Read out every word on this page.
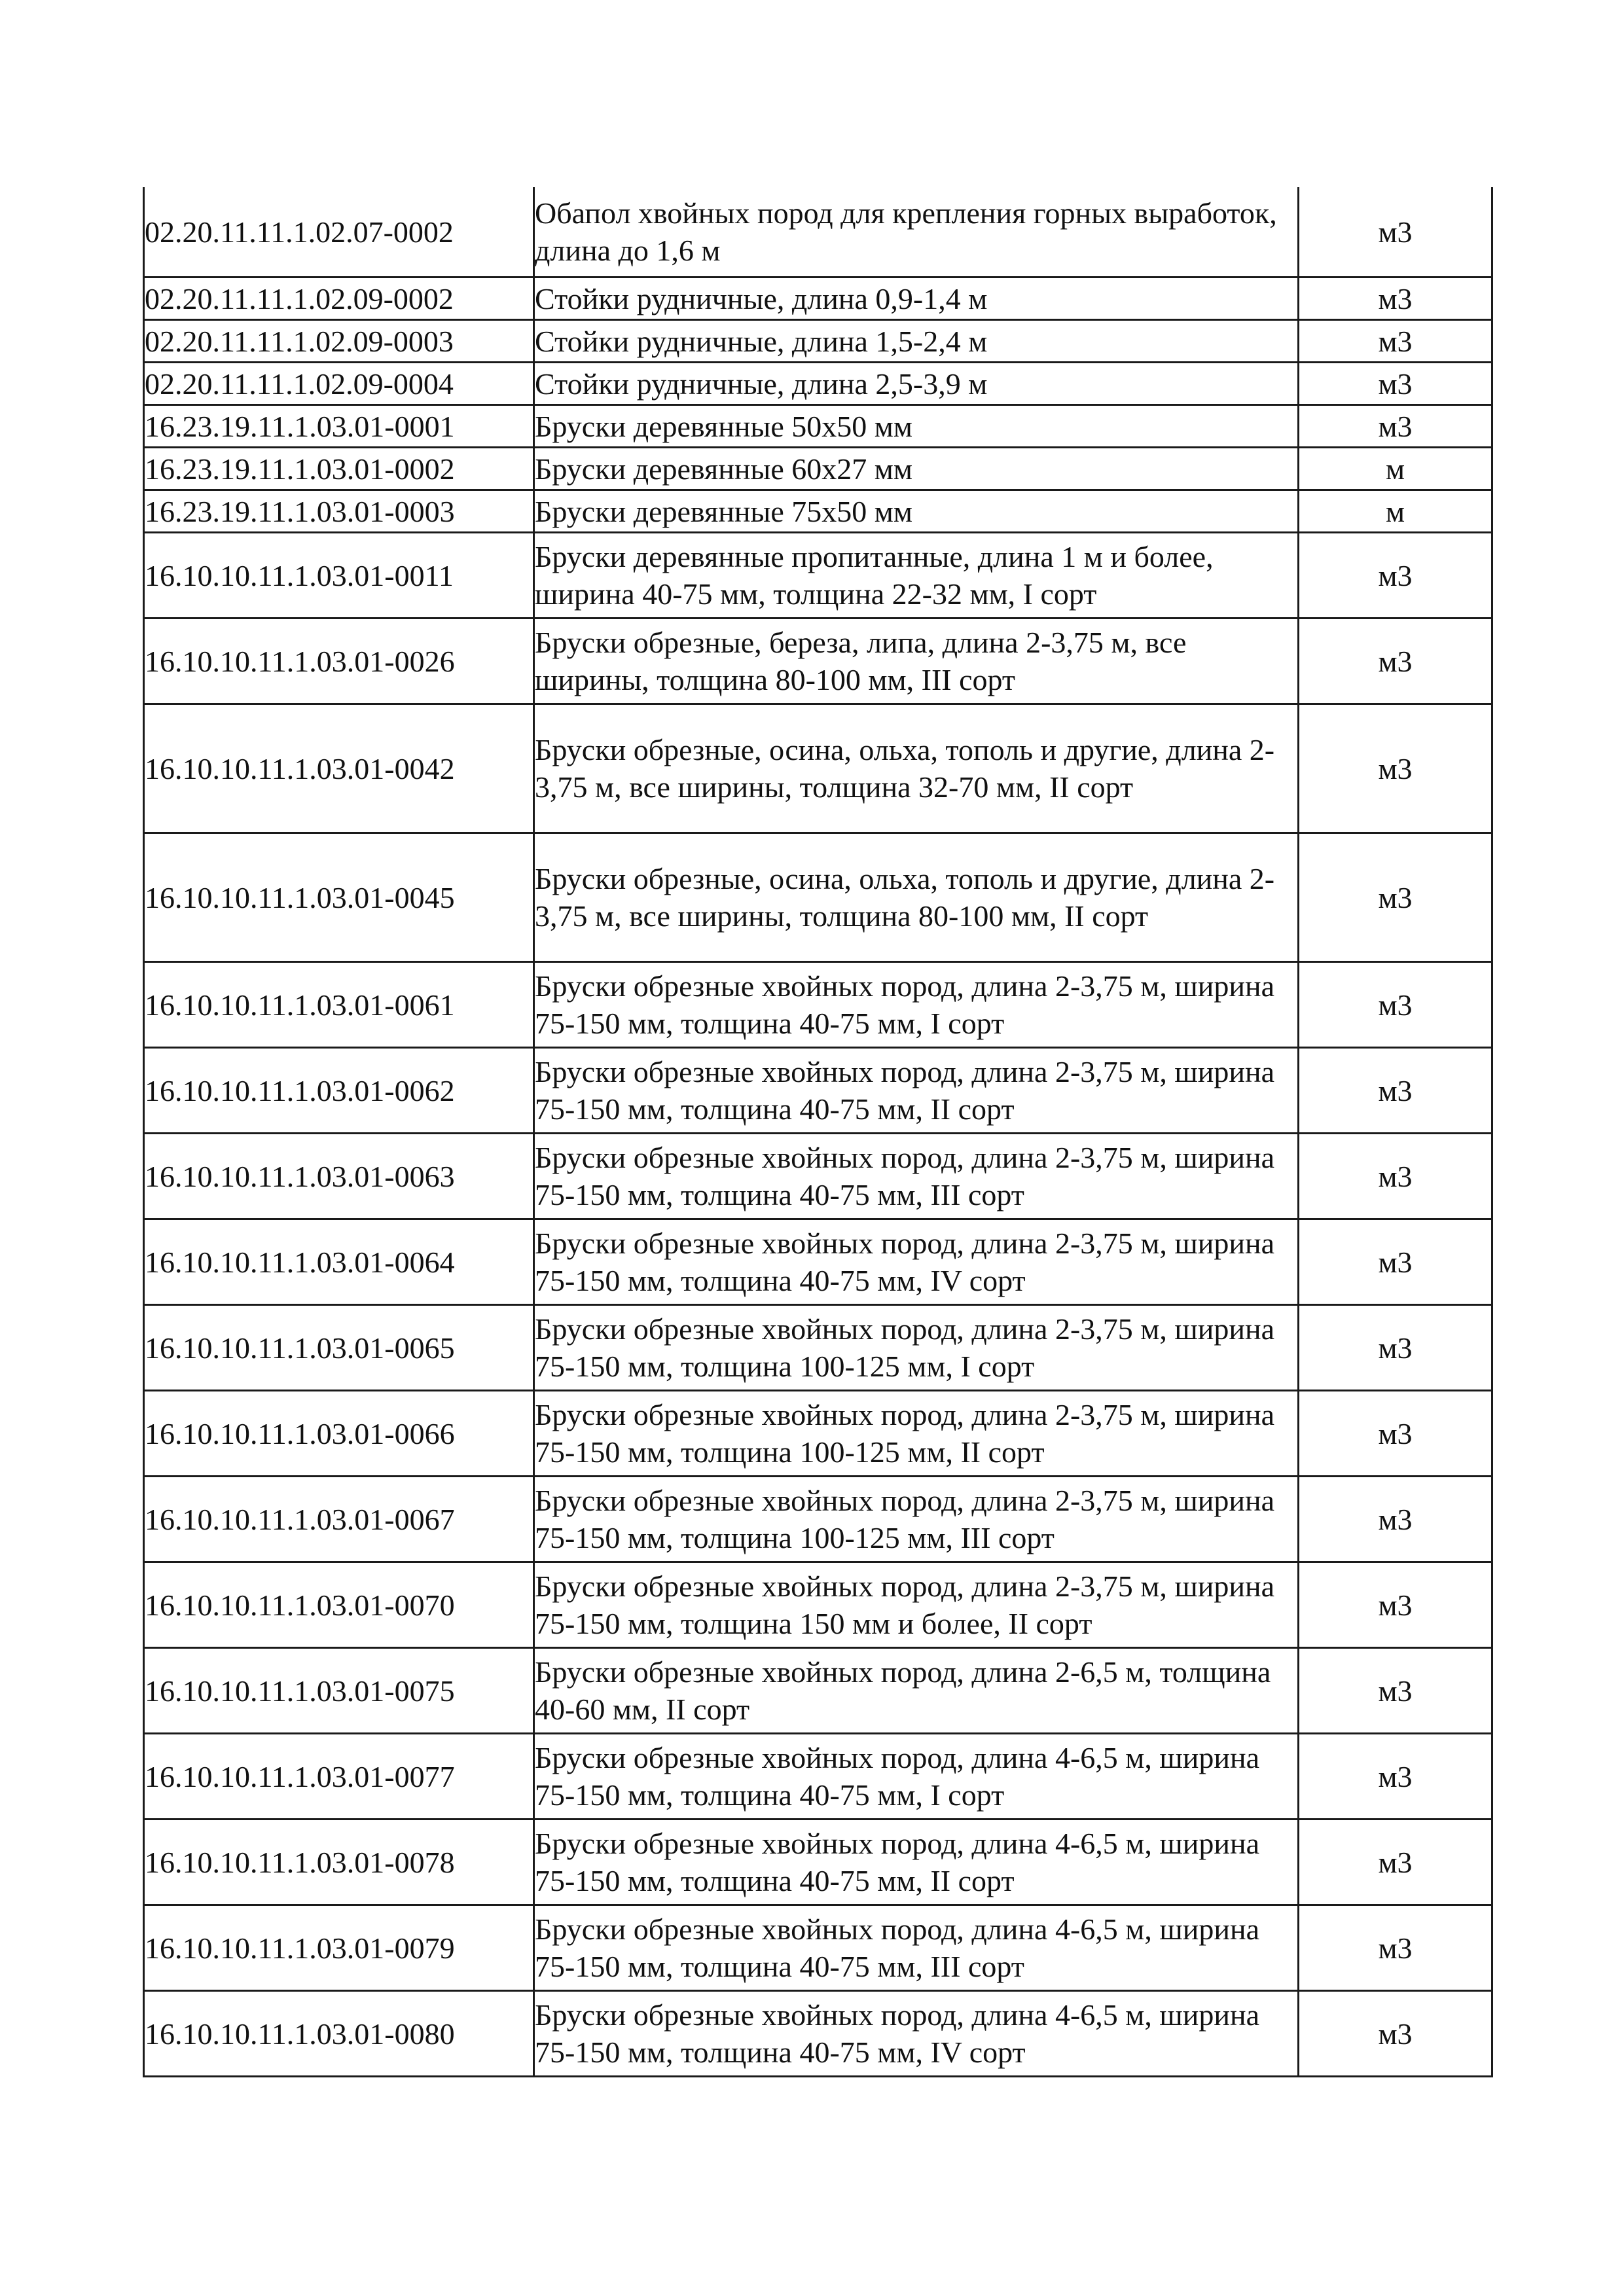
02.20.11.11.1.02.07-0002	Обапол хвойных пород для крепления горных выработок, длина до 1,6 м	м3
02.20.11.11.1.02.09-0002	Стойки рудничные, длина 0,9-1,4 м	м3
02.20.11.11.1.02.09-0003	Стойки рудничные, длина 1,5-2,4 м	м3
02.20.11.11.1.02.09-0004	Стойки рудничные, длина 2,5-3,9 м	м3
16.23.19.11.1.03.01-0001	Бруски деревянные 50х50 мм	м3
16.23.19.11.1.03.01-0002	Бруски деревянные 60х27 мм	м
16.23.19.11.1.03.01-0003	Бруски деревянные 75х50 мм	м
16.10.10.11.1.03.01-0011	Бруски деревянные пропитанные, длина 1 м и более, ширина 40-75 мм, толщина 22-32 мм, I сорт	м3
16.10.10.11.1.03.01-0026	Бруски обрезные, береза, липа, длина 2-3,75 м, все ширины, толщина 80-100 мм, III сорт	м3
16.10.10.11.1.03.01-0042	Бруски обрезные, осина, ольха, тополь и другие, длина 2-3,75 м, все ширины, толщина 32-70 мм, II сорт	м3
16.10.10.11.1.03.01-0045	Бруски обрезные, осина, ольха, тополь и другие, длина 2-3,75 м, все ширины, толщина 80-100 мм, II сорт	м3
16.10.10.11.1.03.01-0061	Бруски обрезные хвойных пород, длина 2-3,75 м, ширина 75-150 мм, толщина 40-75 мм, I сорт	м3
16.10.10.11.1.03.01-0062	Бруски обрезные хвойных пород, длина 2-3,75 м, ширина 75-150 мм, толщина 40-75 мм, II сорт	м3
16.10.10.11.1.03.01-0063	Бруски обрезные хвойных пород, длина 2-3,75 м, ширина 75-150 мм, толщина 40-75 мм, III сорт	м3
16.10.10.11.1.03.01-0064	Бруски обрезные хвойных пород, длина 2-3,75 м, ширина 75-150 мм, толщина 40-75 мм, IV сорт	м3
16.10.10.11.1.03.01-0065	Бруски обрезные хвойных пород, длина 2-3,75 м, ширина 75-150 мм, толщина 100-125 мм, I сорт	м3
16.10.10.11.1.03.01-0066	Бруски обрезные хвойных пород, длина 2-3,75 м, ширина 75-150 мм, толщина 100-125 мм, II сорт	м3
16.10.10.11.1.03.01-0067	Бруски обрезные хвойных пород, длина 2-3,75 м, ширина 75-150 мм, толщина 100-125 мм, III сорт	м3
16.10.10.11.1.03.01-0070	Бруски обрезные хвойных пород, длина 2-3,75 м, ширина 75-150 мм, толщина 150 мм и более, II сорт	м3
16.10.10.11.1.03.01-0075	Бруски обрезные хвойных пород, длина 2-6,5 м, толщина 40-60 мм, II сорт	м3
16.10.10.11.1.03.01-0077	Бруски обрезные хвойных пород, длина 4-6,5 м, ширина 75-150 мм, толщина 40-75 мм, I сорт	м3
16.10.10.11.1.03.01-0078	Бруски обрезные хвойных пород, длина 4-6,5 м, ширина 75-150 мм, толщина 40-75 мм, II сорт	м3
16.10.10.11.1.03.01-0079	Бруски обрезные хвойных пород, длина 4-6,5 м, ширина 75-150 мм, толщина 40-75 мм, III сорт	м3
16.10.10.11.1.03.01-0080	Бруски обрезные хвойных пород, длина 4-6,5 м, ширина 75-150 мм, толщина 40-75 мм, IV сорт	м3
